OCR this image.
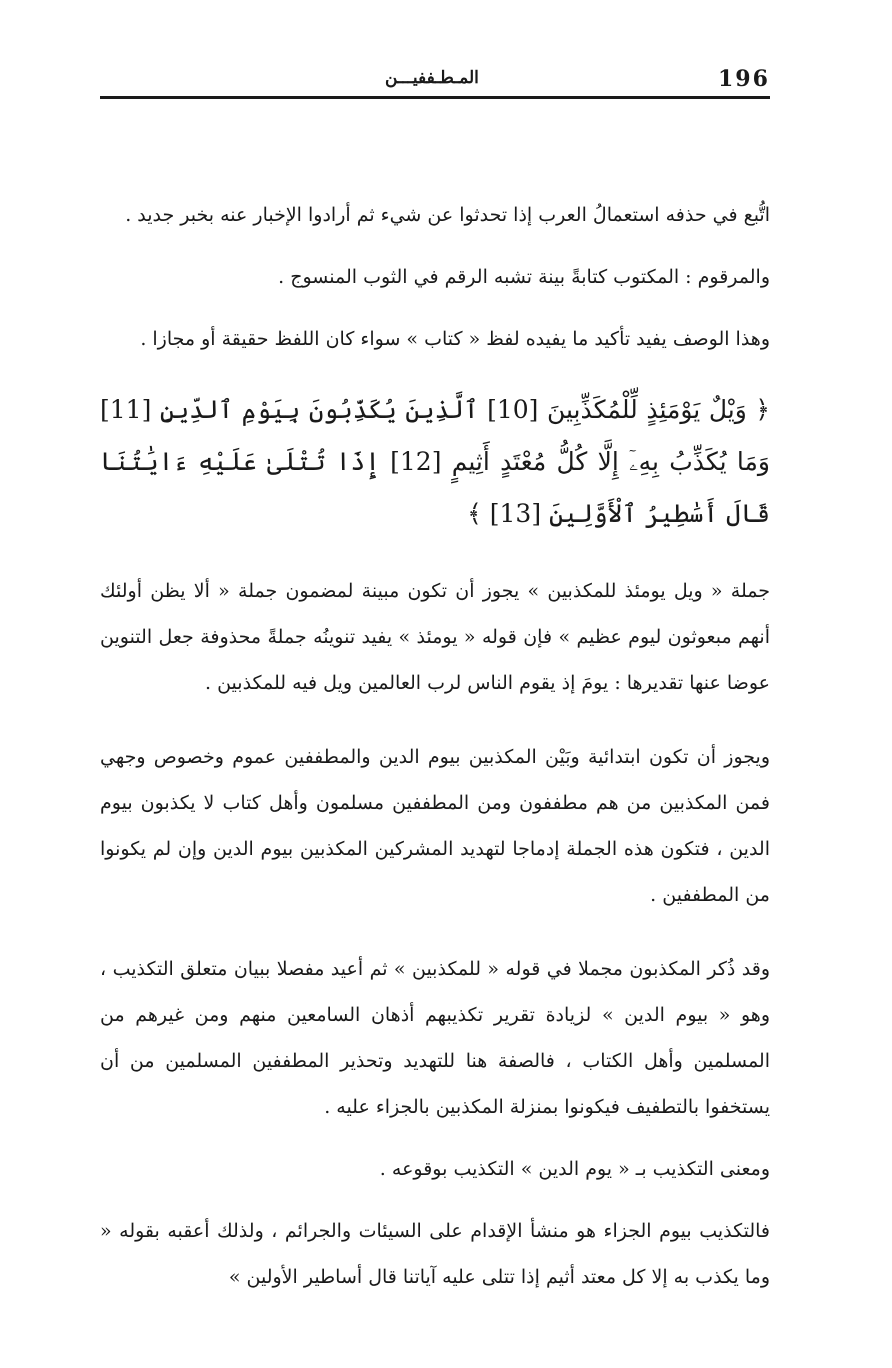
196
المـطـففيـــن

اتُّبع في حذفه استعمالُ العرب إذا تحدثوا عن شيء ثم أرادوا الإخبار عنه بخبر جديد .

والمرقوم : المكتوب كتابةً بينة تشبه الرقم في الثوب المنسوج .

وهذا الوصف يفيد تأكيد ما يفيده لفظ « كتاب » سواء كان اللفظ حقيقة أو مجازا .

﴿ وَيْلٌ يَوْمَئِذٍ لِّلْمُكَذِّبِينَ [10] ٱلَّذِينَ يُكَذِّبُونَ بِيَوْمِ ٱلدِّينِ [11] وَمَا يُكَذِّبُ بِهِۦٓ إِلَّا كُلُّ مُعْتَدٍ أَثِيمٍ [12] إِذَا تُتْلَىٰ عَلَيْهِ ءَايَٰتُنَا قَالَ أَسَٰطِيرُ ٱلْأَوَّلِينَ [13] ﴾

جملة « ويل يومئذ للمكذبين » يجوز أن تكون مبينة لمضمون جملة « ألا يظن أولئك أنهم مبعوثون ليوم عظيم » فإن قوله « يومئذ » يفيد تنوينُه جملةً محذوفة جعل التنوين عوضا عنها تقديرها : يومَ إذ يقوم الناس لرب العالمين ويل فيه للمكذبين .

ويجوز أن تكون ابتدائية وبَيْن المكذبين بيوم الدين والمطففين عموم وخصوص وجهي فمن المكذبين من هم مطففون ومن المطففين مسلمون وأهل كتاب لا يكذبون بيوم الدين ، فتكون هذه الجملة إدماجا لتهديد المشركين المكذبين بيوم الدين وإن لم يكونوا من المطففين .

وقد ذُكر المكذبون مجملا في قوله « للمكذبين » ثم أعيد مفصلا ببيان متعلق التكذيب ، وهو « بيوم الدين » لزيادة تقرير تكذيبهم أذهان السامعين منهم ومن غيرهم من المسلمين وأهل الكتاب ، فالصفة هنا للتهديد وتحذير المطففين المسلمين من أن يستخفوا بالتطفيف فيكونوا بمنزلة المكذبين بالجزاء عليه .

ومعنى التكذيب بـ « يوم الدين » التكذيب بوقوعه .

فالتكذيب بيوم الجزاء هو منشأ الإقدام على السيئات والجرائم ، ولذلك أعقبه بقوله « وما يكذب به إلا كل معتد أثيم إذا تتلى عليه آياتنا قال أساطير الأولين »
